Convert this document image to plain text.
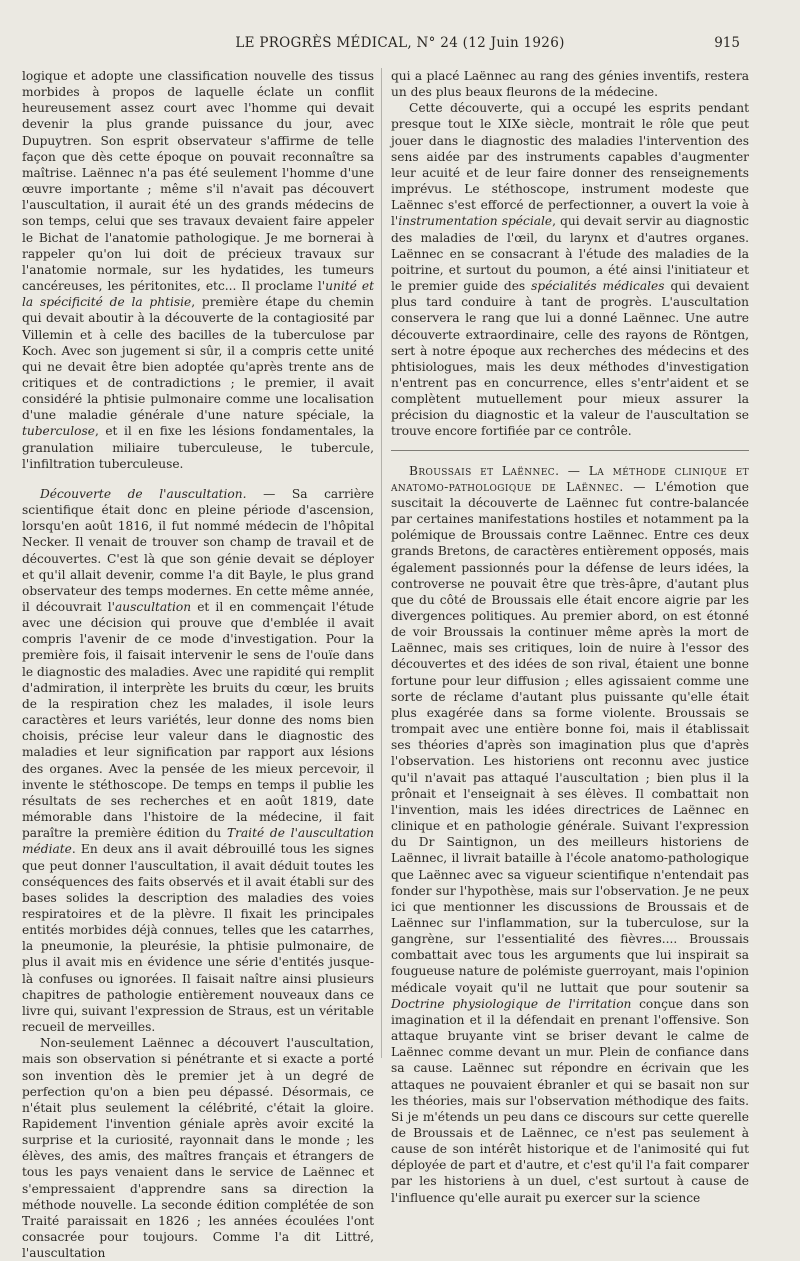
LE PROGRÈS MÉDICAL, N° 24 (12 Juin 1926)	915

logique et adopte une classification nouvelle des tissus morbides à propos de laquelle éclate un conflit heureusement assez court avec l'homme qui devait devenir la plus grande puissance du jour, avec Dupuytren. Son esprit observateur s'affirme de telle façon que dès cette époque on pouvait reconnaître sa maîtrise. Laënnec n'a pas été seulement l'homme d'une œuvre importante ; même s'il n'avait pas découvert l'auscultation, il aurait été un des grands médecins de son temps, celui que ses travaux devaient faire appeler le Bichat de l'anatomie pathologique. Je me bornerai à rappeler qu'on lui doit de précieux travaux sur l'anatomie normale, sur les hydatides, les tumeurs cancéreuses, les péritonites, etc... Il proclame l'unité et la spécificité de la phtisie, première étape du chemin qui devait aboutir à la découverte de la contagiosité par Villemin et à celle des bacilles de la tuberculose par Koch. Avec son jugement si sûr, il a compris cette unité qui ne devait être bien adoptée qu'après trente ans de critiques et de contradictions ; le premier, il avait considéré la phtisie pulmonaire comme une localisation d'une maladie générale d'une nature spéciale, la tuberculose, et il en fixe les lésions fondamentales, la granulation miliaire tuberculeuse, le tubercule, l'infiltration tuberculeuse.

Découverte de l'auscultation. — Sa carrière scientifique était donc en pleine période d'ascension, lorsqu'en août 1816, il fut nommé médecin de l'hôpital Necker. Il venait de trouver son champ de travail et de découvertes. C'est là que son génie devait se déployer et qu'il allait devenir, comme l'a dit Bayle, le plus grand observateur des temps modernes. En cette même année, il découvrait l'auscultation et il en commençait l'étude avec une décision qui prouve que d'emblée il avait compris l'avenir de ce mode d'investigation. Pour la première fois, il faisait intervenir le sens de l'ouïe dans le diagnostic des maladies. Avec une rapidité qui remplit d'admiration, il interprète les bruits du cœur, les bruits de la respiration chez les malades, il isole leurs caractères et leurs variétés, leur donne des noms bien choisis, précise leur valeur dans le diagnostic des maladies et leur signification par rapport aux lésions des organes. Avec la pensée de les mieux percevoir, il invente le stéthoscope. De temps en temps il publie les résultats de ses recherches et en août 1819, date mémorable dans l'histoire de la médecine, il fait paraître la première édition du Traité de l'auscultation médiate. En deux ans il avait débrouillé tous les signes que peut donner l'auscultation, il avait déduit toutes les conséquences des faits observés et il avait établi sur des bases solides la description des maladies des voies respiratoires et de la plèvre. Il fixait les principales entités morbides déjà connues, telles que les catarrhes, la pneumonie, la pleurésie, la phtisie pulmonaire, de plus il avait mis en évidence une série d'entités jusque-là confuses ou ignorées. Il faisait naître ainsi plusieurs chapitres de pathologie entièrement nouveaux dans ce livre qui, suivant l'expression de Straus, est un véritable recueil de merveilles.

Non-seulement Laënnec a découvert l'auscultation, mais son observation si pénétrante et si exacte a porté son invention dès le premier jet à un degré de perfection qu'on a bien peu dépassé. Désormais, ce n'était plus seulement la célébrité, c'était la gloire. Rapidement l'invention géniale après avoir excité la surprise et la curiosité, rayonnait dans le monde ; les élèves, des amis, des maîtres français et étrangers de tous les pays venaient dans le service de Laënnec et s'empressaient d'apprendre sans sa direction la méthode nouvelle. La seconde édition complétée de son Traité paraissait en 1826 ; les années écoulées l'ont consacrée pour toujours. Comme l'a dit Littré, l'auscultation

qui a placé Laënnec au rang des génies inventifs, restera un des plus beaux fleurons de la médecine.

Cette découverte, qui a occupé les esprits pendant presque tout le XIXe siècle, montrait le rôle que peut jouer dans le diagnostic des maladies l'intervention des sens aidée par des instruments capables d'augmenter leur acuité et de leur faire donner des renseignements imprévus. Le stéthoscope, instrument modeste que Laënnec s'est efforcé de perfectionner, a ouvert la voie à l'instrumentation spéciale, qui devait servir au diagnostic des maladies de l'œil, du larynx et d'autres organes. Laënnec en se consacrant à l'étude des maladies de la poitrine, et surtout du poumon, a été ainsi l'initiateur et le premier guide des spécialités médicales qui devaient plus tard conduire à tant de progrès. L'auscultation conservera le rang que lui a donné Laënnec. Une autre découverte extraordinaire, celle des rayons de Röntgen, sert à notre époque aux recherches des médecins et des phtisiologues, mais les deux méthodes d'investigation n'entrent pas en concurrence, elles s'entr'aident et se complètent mutuellement pour mieux assurer la précision du diagnostic et la valeur de l'auscultation se trouve encore fortifiée par ce contrôle.

Broussais et Laënnec. — La méthode clinique et anatomo-pathologique de Laënnec. — L'émotion que suscitait la découverte de Laënnec fut contre-balancée par certaines manifestations hostiles et notamment pa la polémique de Broussais contre Laënnec. Entre ces deux grands Bretons, de caractères entièrement opposés, mais également passionnés pour la défense de leurs idées, la controverse ne pouvait être que très-âpre, d'autant plus que du côté de Broussais elle était encore aigrie par les divergences politiques. Au premier abord, on est étonné de voir Broussais la continuer même après la mort de Laënnec, mais ses critiques, loin de nuire à l'essor des découvertes et des idées de son rival, étaient une bonne fortune pour leur diffusion ; elles agissaient comme une sorte de réclame d'autant plus puissante qu'elle était plus exagérée dans sa forme violente. Broussais se trompait avec une entière bonne foi, mais il établissait ses théories d'après son imagination plus que d'après l'observation. Les historiens ont reconnu avec justice qu'il n'avait pas attaqué l'auscultation ; bien plus il la prônait et l'enseignait à ses élèves. Il combattait non l'invention, mais les idées directrices de Laënnec en clinique et en pathologie générale. Suivant l'expression du Dr Saintignon, un des meilleurs historiens de Laënnec, il livrait bataille à l'école anatomo-pathologique que Laënnec avec sa vigueur scientifique n'entendait pas fonder sur l'hypothèse, mais sur l'observation. Je ne peux ici que mentionner les discussions de Broussais et de Laënnec sur l'inflammation, sur la tuberculose, sur la gangrène, sur l'essentialité des fièvres.... Broussais combattait avec tous les arguments que lui inspirait sa fougueuse nature de polémiste guerroyant, mais l'opinion médicale voyait qu'il ne luttait que pour soutenir sa Doctrine physiologique de l'irritation conçue dans son imagination et il la défendait en prenant l'offensive. Son attaque bruyante vint se briser devant le calme de Laënnec comme devant un mur. Plein de confiance dans sa cause. Laënnec sut répondre en écrivain que les attaques ne pouvaient ébranler et qui se basait non sur les théories, mais sur l'observation méthodique des faits. Si je m'étends un peu dans ce discours sur cette querelle de Broussais et de Laënnec, ce n'est pas seulement à cause de son intérêt historique et de l'animosité qui fut déployée de part et d'autre, et c'est qu'il l'a fait comparer par les historiens à un duel, c'est surtout à cause de l'influence qu'elle aurait pu exercer sur la science
